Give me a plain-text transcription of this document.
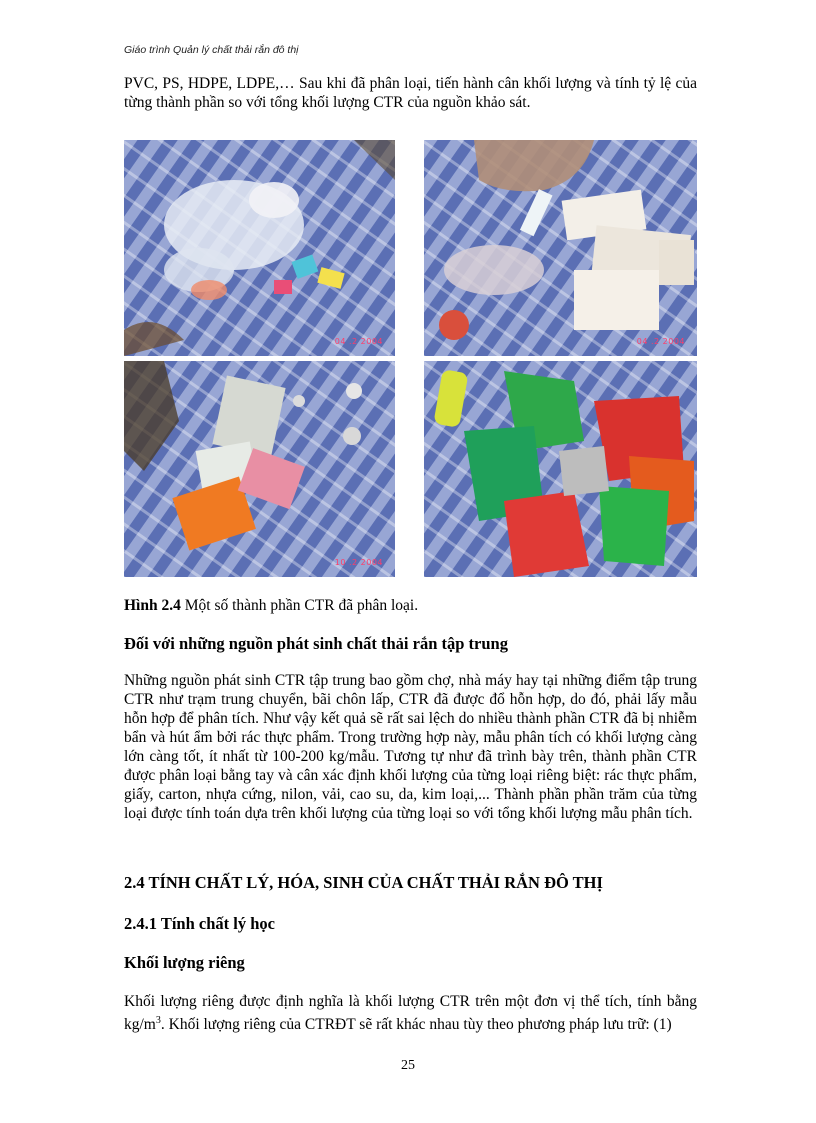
Giáo trình Quản lý chất thải rắn đô thị
PVC, PS, HDPE, LDPE,… Sau khi đã phân loại, tiến hành cân khối lượng và tính tỷ lệ của từng thành phần so với tổng khối lượng CTR của nguồn khảo sát.
04 .2 2004	04 .2 2004
10 .2 2004
Hình 2.4 Một số thành phần CTR đã phân loại.
Đối với những nguồn phát sinh chất thải rắn tập trung
Những nguồn phát sinh CTR tập trung bao gồm chợ, nhà máy hay tại những điểm tập trung CTR như trạm trung chuyển, bãi chôn lấp, CTR đã được đổ hỗn hợp, do đó, phải lấy mẫu hỗn hợp để phân tích. Như vậy kết quả sẽ rất sai lệch do nhiều thành phần CTR đã bị nhiễm bẩn và hút ẩm bởi rác thực phẩm. Trong trường hợp này, mẫu phân tích có khối lượng càng lớn càng tốt, ít nhất từ 100-200 kg/mẫu. Tương tự như đã trình bày trên, thành phần CTR được phân loại bằng tay và cân xác định khối lượng của từng loại riêng biệt: rác thực phẩm, giấy, carton, nhựa cứng, nilon, vải, cao su, da, kim loại,... Thành phần phần trăm của từng loại được tính toán dựa trên khối lượng của từng loại so với tổng khối lượng mẫu phân tích.
2.4 TÍNH CHẤT LÝ, HÓA, SINH CỦA CHẤT THẢI RẮN ĐÔ THỊ
2.4.1 Tính chất lý học
Khối lượng riêng
Khối lượng riêng được định nghĩa là khối lượng CTR trên một đơn vị thể tích, tính bằng $kg/m^3$. Khối lượng riêng của CTRĐT sẽ rất khác nhau tùy theo phương pháp lưu trữ: (1)
25
